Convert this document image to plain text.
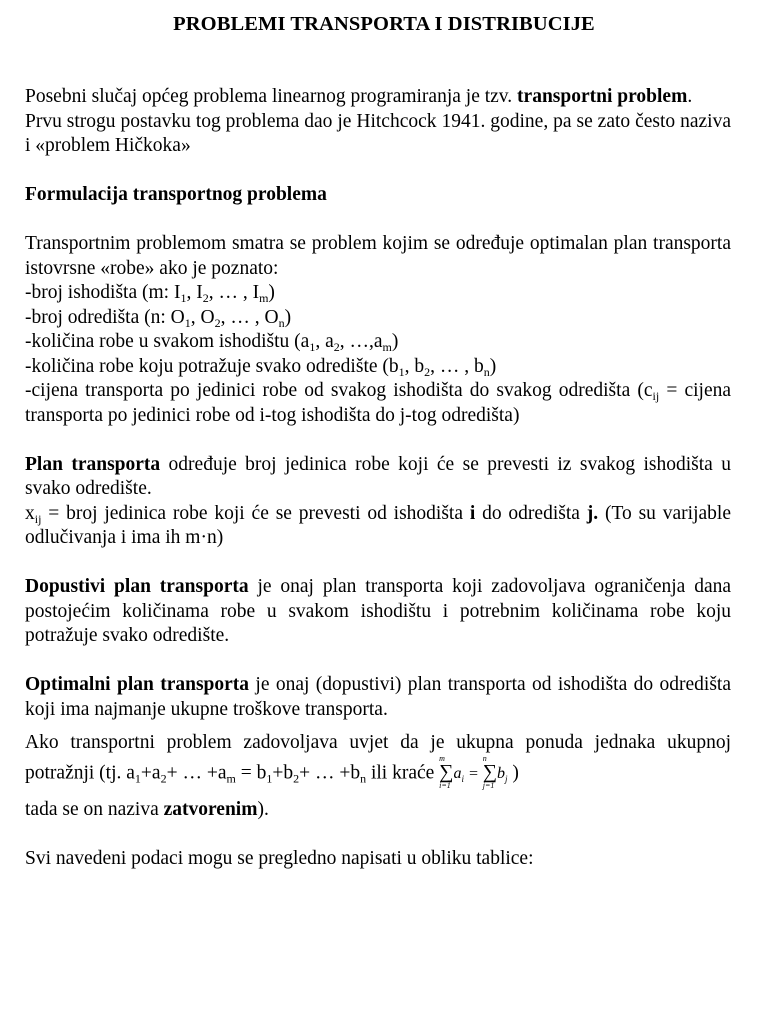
PROBLEMI TRANSPORTA I DISTRIBUCIJE

Posebni slučaj općeg problema linearnog programiranja je tzv. transportni problem.

Prvu strogu postavku tog problema dao je Hitchcock 1941. godine, pa se zato često naziva i «problem Hičkoka»

Formulacija transportnog problema

Transportnim problemom smatra se problem kojim se određuje optimalan plan transporta istovrsne «robe» ako je poznato:

-broj ishodišta (m: $I_1$, $I_2$, … , $I_m$)

-broj odredišta (n: $O_1$, $O_2$, … , $O_n$)

-količina robe u svakom ishodištu ($a_1$, $a_2$, $\dots,a_m$)

-količina robe koju potražuje svako odredište ($b_1$, $b_2$, … , $b_n$)

-cijena transporta po jedinici robe od svakog ishodišta do svakog odredišta ($c_{ij}$ = cijena transporta po jedinici robe od i-tog ishodišta do j-tog odredišta)

Plan transporta određuje broj jedinica robe koji će se prevesti iz svakog ishodišta u svako odredište.

$x_{ij}$ = broj jedinica robe koji će se prevesti od ishodišta i do odredišta j. (To su varijable odlučivanja i ima ih m·n)

Dopustivi plan transporta je onaj plan transporta koji zadovoljava ograničenja dana postojećim količinama robe u svakom ishodištu i potrebnim količinama robe koju potražuje svako odredište.

Optimalni plan transporta je onaj (dopustivi) plan transporta od ishodišta do odredišta koji ima najmanje ukupne troškove transporta.

Ako transportni problem zadovoljava uvjet da je ukupna ponuda jednaka ukupnoj potražnji (tj. $a_1+a_2+$ … $+a_m = b_1+b_2+$ … $+b_n$ ili kraće
m
∑
i=1
$a_i$ =
n
∑
j=1
$b_j$ )

tada se on naziva zatvorenim).

Svi navedeni podaci mogu se pregledno napisati u obliku tablice:
